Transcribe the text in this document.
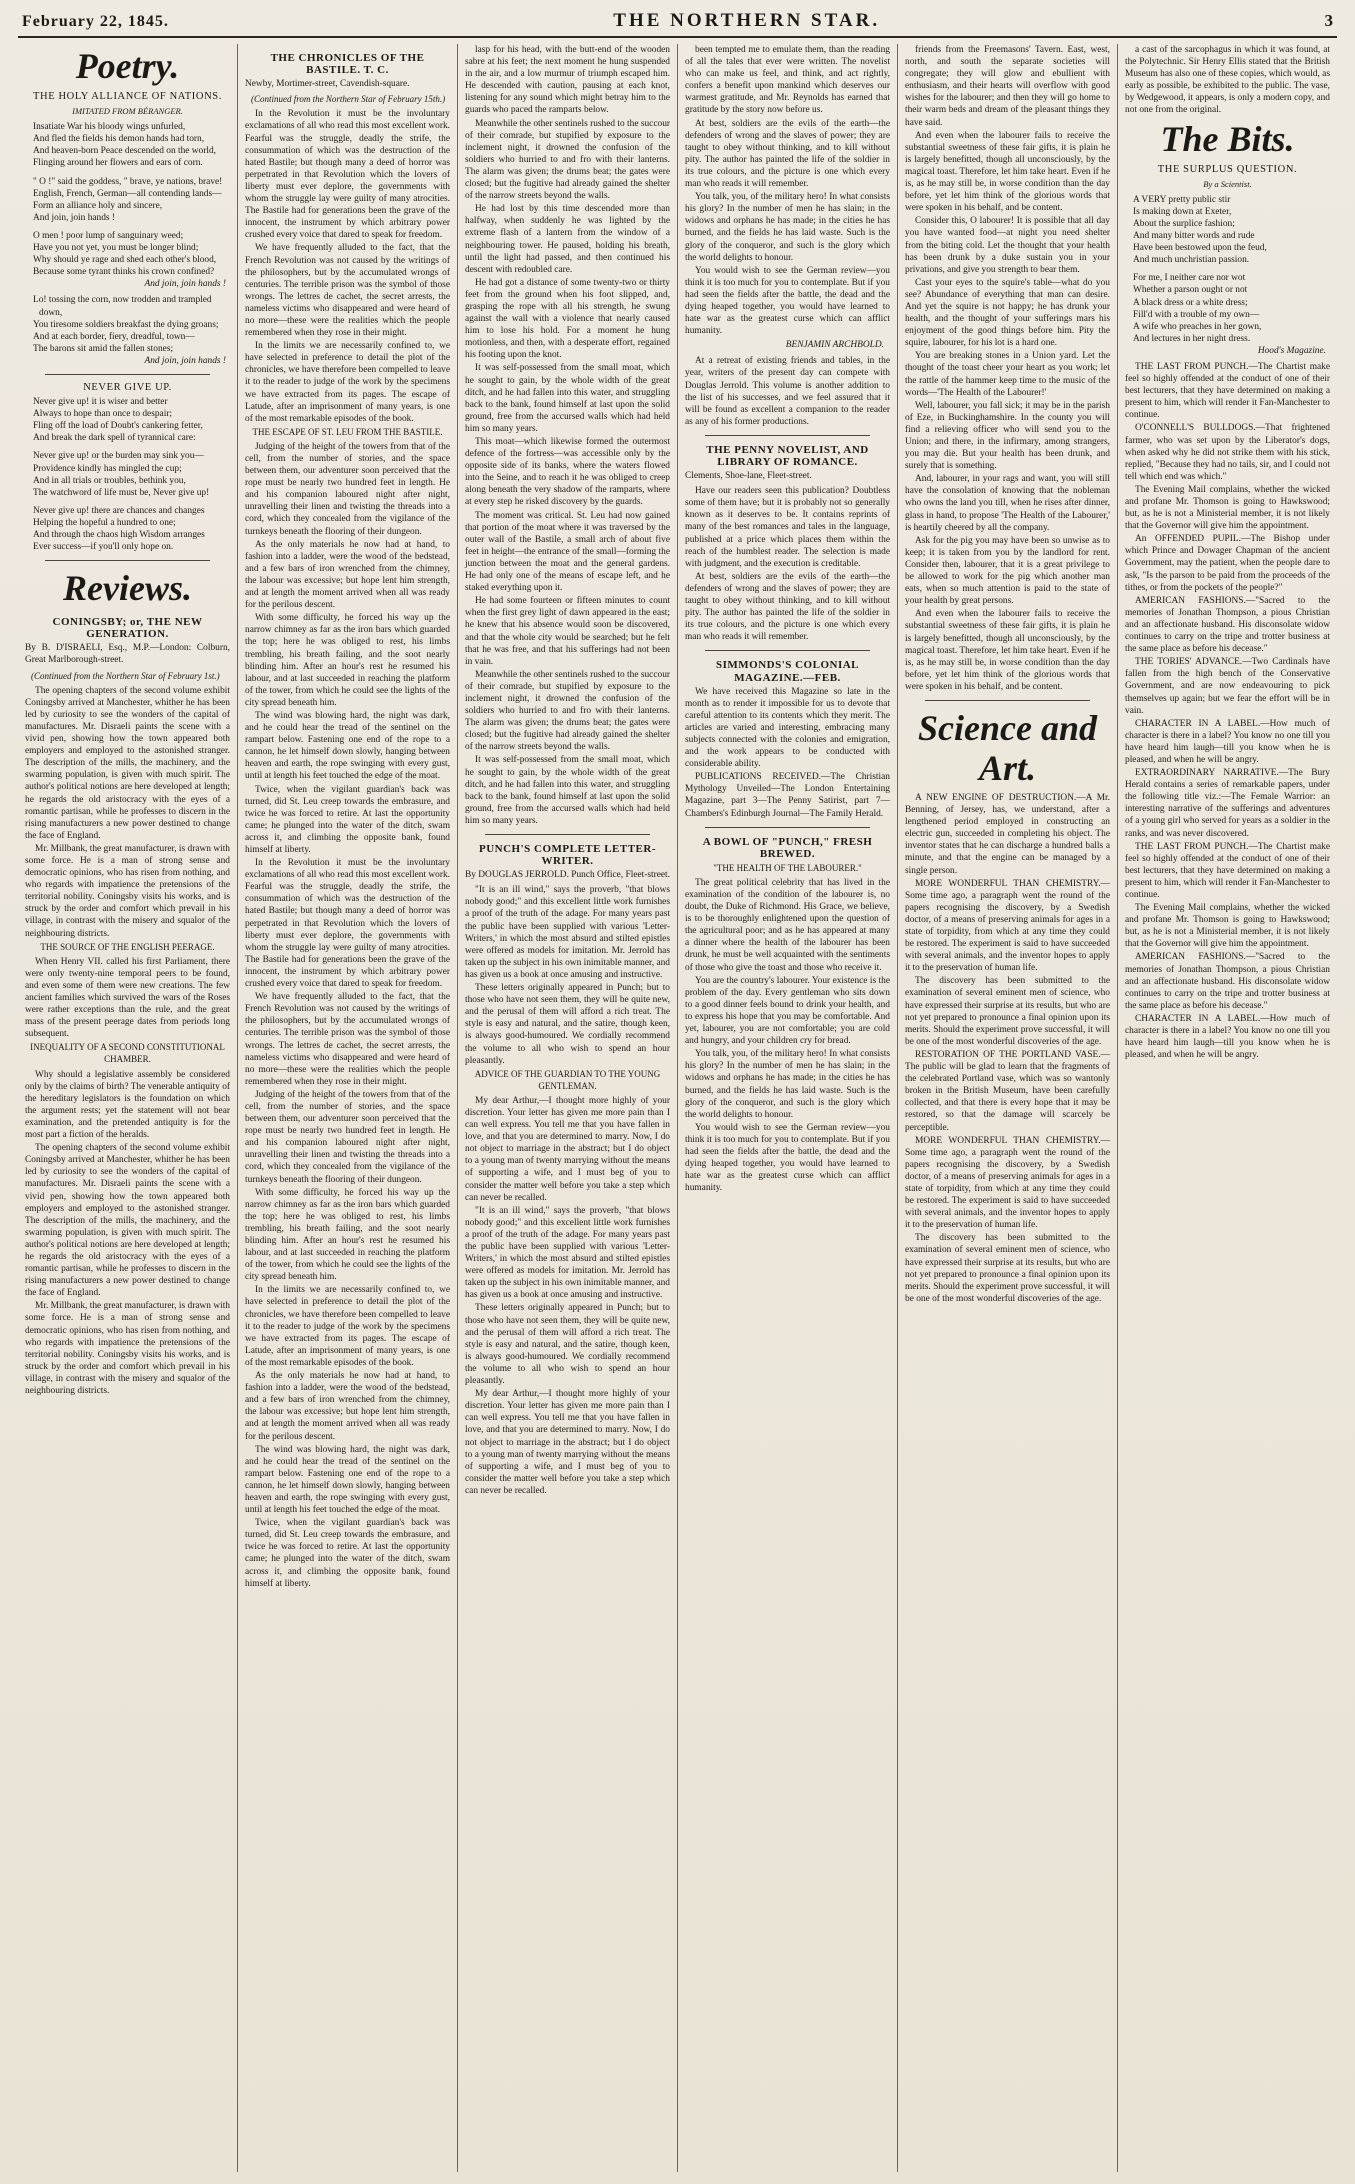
February 22, 1845.	THE NORTHERN STAR.	3
Poetry.
THE HOLY ALLIANCE OF NATIONS.
IMITATED FROM BÉRANGER.

Insatiate War his bloody wings unfurled,

And fled the fields his demon hands had torn,

And heaven-born Peace descended on the world,

Flinging around her flowers and ears of corn.

" O !" said the goddess, " brave, ye nations, brave!

English, French, German—all contending lands—

Form an alliance holy and sincere,

And join, join hands !

O men ! poor lump of sanguinary weed;

Have you not yet, you must be longer blind;

Why should ye rage and shed each other's blood,

Because some tyrant thinks his crown confined?

And join, join hands !

Lo! tossing the corn, now trodden and trampled down,

You tiresome soldiers breakfast the dying groans;

And at each border, fiery, dreadful, town—

The barons sit amid the fallen stones;

And join, join hands !

NEVER GIVE UP.

Never give up! it is wiser and better

Always to hope than once to despair;

Fling off the load of Doubt's cankering fetter,

And break the dark spell of tyrannical care:

Never give up! or the burden may sink you—

Providence kindly has mingled the cup;

And in all trials or troubles, bethink you,

The watchword of life must be, Never give up!

Never give up! there are chances and changes

Helping the hopeful a hundred to one;

And through the chaos high Wisdom arranges

Ever success—if you'll only hope on.

Reviews.
CONINGSBY; or, THE NEW GENERATION.

By B. D'ISRAELI, Esq., M.P.—London: Colburn, Great Marlborough-street.

(Continued from the Northern Star of February 1st.)

The opening chapters of the second volume exhibit Coningsby arrived at Manchester, whither he has been led by curiosity to see the wonders of the capital of manufactures. Mr. Disraeli paints the scene with a vivid pen, showing how the town appeared both employers and employed to the astonished stranger. The description of the mills, the machinery, and the swarming population, is given with much spirit. The author's political notions are here developed at length; he regards the old aristocracy with the eyes of a romantic partisan, while he professes to discern in the rising manufacturers a new power destined to change the face of England.

Mr. Millbank, the great manufacturer, is drawn with some force. He is a man of strong sense and democratic opinions, who has risen from nothing, and who regards with impatience the pretensions of the territorial nobility. Coningsby visits his works, and is struck by the order and comfort which prevail in his village, in contrast with the misery and squalor of the neighbouring districts.

THE SOURCE OF THE ENGLISH PEERAGE.

When Henry VII. called his first Parliament, there were only twenty-nine temporal peers to be found, and even some of them were new creations. The few ancient families which survived the wars of the Roses were rather exceptions than the rule, and the great mass of the present peerage dates from periods long subsequent.

INEQUALITY OF A SECOND CONSTITUTIONAL CHAMBER.

Why should a legislative assembly be considered only by the claims of birth? The venerable antiquity of the hereditary legislators is the foundation on which the argument rests; yet the statement will not bear examination, and the pretended antiquity is for the most part a fiction of the heralds.

The opening chapters of the second volume exhibit Coningsby arrived at Manchester, whither he has been led by curiosity to see the wonders of the capital of manufactures. Mr. Disraeli paints the scene with a vivid pen, showing how the town appeared both employers and employed to the astonished stranger. The description of the mills, the machinery, and the swarming population, is given with much spirit. The author's political notions are here developed at length; he regards the old aristocracy with the eyes of a romantic partisan, while he professes to discern in the rising manufacturers a new power destined to change the face of England.

Mr. Millbank, the great manufacturer, is drawn with some force. He is a man of strong sense and democratic opinions, who has risen from nothing, and who regards with impatience the pretensions of the territorial nobility. Coningsby visits his works, and is struck by the order and comfort which prevail in his village, in contrast with the misery and squalor of the neighbouring districts.

THE CHRONICLES OF THE BASTILE. T. C.

Newby, Mortimer-street, Cavendish-square.

(Continued from the Northern Star of February 15th.)

In the Revolution it must be the involuntary exclamations of all who read this most excellent work. Fearful was the struggle, deadly the strife, the consummation of which was the destruction of the hated Bastile; but though many a deed of horror was perpetrated in that Revolution which the lovers of liberty must ever deplore, the governments with whom the struggle lay were guilty of many atrocities. The Bastile had for generations been the grave of the innocent, the instrument by which arbitrary power crushed every voice that dared to speak for freedom.

We have frequently alluded to the fact, that the French Revolution was not caused by the writings of the philosophers, but by the accumulated wrongs of centuries. The terrible prison was the symbol of those wrongs. The lettres de cachet, the secret arrests, the nameless victims who disappeared and were heard of no more—these were the realities which the people remembered when they rose in their might.

In the limits we are necessarily confined to, we have selected in preference to detail the plot of the chronicles, we have therefore been compelled to leave it to the reader to judge of the work by the specimens we have extracted from its pages. The escape of Latude, after an imprisonment of many years, is one of the most remarkable episodes of the book.

THE ESCAPE OF ST. LEU FROM THE BASTILE.

Judging of the height of the towers from that of the cell, from the number of stories, and the space between them, our adventurer soon perceived that the rope must be nearly two hundred feet in length. He and his companion laboured night after night, unravelling their linen and twisting the threads into a cord, which they concealed from the vigilance of the turnkeys beneath the flooring of their dungeon.

As the only materials he now had at hand, to fashion into a ladder, were the wood of the bedstead, and a few bars of iron wrenched from the chimney, the labour was excessive; but hope lent him strength, and at length the moment arrived when all was ready for the perilous descent.

With some difficulty, he forced his way up the narrow chimney as far as the iron bars which guarded the top; here he was obliged to rest, his limbs trembling, his breath failing, and the soot nearly blinding him. After an hour's rest he resumed his labour, and at last succeeded in reaching the platform of the tower, from which he could see the lights of the city spread beneath him.

The wind was blowing hard, the night was dark, and he could hear the tread of the sentinel on the rampart below. Fastening one end of the rope to a cannon, he let himself down slowly, hanging between heaven and earth, the rope swinging with every gust, until at length his feet touched the edge of the moat.

Twice, when the vigilant guardian's back was turned, did St. Leu creep towards the embrasure, and twice he was forced to retire. At last the opportunity came; he plunged into the water of the ditch, swam across it, and climbing the opposite bank, found himself at liberty.

In the Revolution it must be the involuntary exclamations of all who read this most excellent work. Fearful was the struggle, deadly the strife, the consummation of which was the destruction of the hated Bastile; but though many a deed of horror was perpetrated in that Revolution which the lovers of liberty must ever deplore, the governments with whom the struggle lay were guilty of many atrocities. The Bastile had for generations been the grave of the innocent, the instrument by which arbitrary power crushed every voice that dared to speak for freedom.

We have frequently alluded to the fact, that the French Revolution was not caused by the writings of the philosophers, but by the accumulated wrongs of centuries. The terrible prison was the symbol of those wrongs. The lettres de cachet, the secret arrests, the nameless victims who disappeared and were heard of no more—these were the realities which the people remembered when they rose in their might.

Judging of the height of the towers from that of the cell, from the number of stories, and the space between them, our adventurer soon perceived that the rope must be nearly two hundred feet in length. He and his companion laboured night after night, unravelling their linen and twisting the threads into a cord, which they concealed from the vigilance of the turnkeys beneath the flooring of their dungeon.

With some difficulty, he forced his way up the narrow chimney as far as the iron bars which guarded the top; here he was obliged to rest, his limbs trembling, his breath failing, and the soot nearly blinding him. After an hour's rest he resumed his labour, and at last succeeded in reaching the platform of the tower, from which he could see the lights of the city spread beneath him.

In the limits we are necessarily confined to, we have selected in preference to detail the plot of the chronicles, we have therefore been compelled to leave it to the reader to judge of the work by the specimens we have extracted from its pages. The escape of Latude, after an imprisonment of many years, is one of the most remarkable episodes of the book.

As the only materials he now had at hand, to fashion into a ladder, were the wood of the bedstead, and a few bars of iron wrenched from the chimney, the labour was excessive; but hope lent him strength, and at length the moment arrived when all was ready for the perilous descent.

The wind was blowing hard, the night was dark, and he could hear the tread of the sentinel on the rampart below. Fastening one end of the rope to a cannon, he let himself down slowly, hanging between heaven and earth, the rope swinging with every gust, until at length his feet touched the edge of the moat.

Twice, when the vigilant guardian's back was turned, did St. Leu creep towards the embrasure, and twice he was forced to retire. At last the opportunity came; he plunged into the water of the ditch, swam across it, and climbing the opposite bank, found himself at liberty.

lasp for his head, with the butt-end of the wooden sabre at his feet; the next moment he hung suspended in the air, and a low murmur of triumph escaped him. He descended with caution, pausing at each knot, listening for any sound which might betray him to the guards who paced the ramparts below.

Meanwhile the other sentinels rushed to the succour of their comrade, but stupified by exposure to the inclement night, it drowned the confusion of the soldiers who hurried to and fro with their lanterns. The alarm was given; the drums beat; the gates were closed; but the fugitive had already gained the shelter of the narrow streets beyond the walls.

He had lost by this time descended more than halfway, when suddenly he was lighted by the extreme flash of a lantern from the window of a neighbouring tower. He paused, holding his breath, until the light had passed, and then continued his descent with redoubled care.

He had got a distance of some twenty-two or thirty feet from the ground when his foot slipped, and, grasping the rope with all his strength, he swung against the wall with a violence that nearly caused him to lose his hold. For a moment he hung motionless, and then, with a desperate effort, regained his footing upon the knot.

It was self-possessed from the small moat, which he sought to gain, by the whole width of the great ditch, and he had fallen into this water, and struggling back to the bank, found himself at last upon the solid ground, free from the accursed walls which had held him so many years.

This moat—which likewise formed the outermost defence of the fortress—was accessible only by the opposite side of its banks, where the waters flowed into the Seine, and to reach it he was obliged to creep along beneath the very shadow of the ramparts, where at every step he risked discovery by the guards.

The moment was critical. St. Leu had now gained that portion of the moat where it was traversed by the outer wall of the Bastile, a small arch of about five feet in height—the entrance of the small—forming the junction between the moat and the general gardens. He had only one of the means of escape left, and he staked everything upon it.

He had some fourteen or fifteen minutes to count when the first grey light of dawn appeared in the east; he knew that his absence would soon be discovered, and that the whole city would be searched; but he felt that he was free, and that his sufferings had not been in vain.

Meanwhile the other sentinels rushed to the succour of their comrade, but stupified by exposure to the inclement night, it drowned the confusion of the soldiers who hurried to and fro with their lanterns. The alarm was given; the drums beat; the gates were closed; but the fugitive had already gained the shelter of the narrow streets beyond the walls.

It was self-possessed from the small moat, which he sought to gain, by the whole width of the great ditch, and he had fallen into this water, and struggling back to the bank, found himself at last upon the solid ground, free from the accursed walls which had held him so many years.

PUNCH'S COMPLETE LETTER-WRITER.

By DOUGLAS JERROLD. Punch Office, Fleet-street.

"It is an ill wind," says the proverb, "that blows nobody good;" and this excellent little work furnishes a proof of the truth of the adage. For many years past the public have been supplied with various 'Letter-Writers,' in which the most absurd and stilted epistles were offered as models for imitation. Mr. Jerrold has taken up the subject in his own inimitable manner, and has given us a book at once amusing and instructive.

These letters originally appeared in Punch; but to those who have not seen them, they will be quite new, and the perusal of them will afford a rich treat. The style is easy and natural, and the satire, though keen, is always good-humoured. We cordially recommend the volume to all who wish to spend an hour pleasantly.

ADVICE OF THE GUARDIAN TO THE YOUNG GENTLEMAN.

My dear Arthur,—I thought more highly of your discretion. Your letter has given me more pain than I can well express. You tell me that you have fallen in love, and that you are determined to marry. Now, I do not object to marriage in the abstract; but I do object to a young man of twenty marrying without the means of supporting a wife, and I must beg of you to consider the matter well before you take a step which can never be recalled.

"It is an ill wind," says the proverb, "that blows nobody good;" and this excellent little work furnishes a proof of the truth of the adage. For many years past the public have been supplied with various 'Letter-Writers,' in which the most absurd and stilted epistles were offered as models for imitation. Mr. Jerrold has taken up the subject in his own inimitable manner, and has given us a book at once amusing and instructive.

These letters originally appeared in Punch; but to those who have not seen them, they will be quite new, and the perusal of them will afford a rich treat. The style is easy and natural, and the satire, though keen, is always good-humoured. We cordially recommend the volume to all who wish to spend an hour pleasantly.

My dear Arthur,—I thought more highly of your discretion. Your letter has given me more pain than I can well express. You tell me that you have fallen in love, and that you are determined to marry. Now, I do not object to marriage in the abstract; but I do object to a young man of twenty marrying without the means of supporting a wife, and I must beg of you to consider the matter well before you take a step which can never be recalled.

been tempted me to emulate them, than the reading of all the tales that ever were written. The novelist who can make us feel, and think, and act rightly, confers a benefit upon mankind which deserves our warmest gratitude, and Mr. Reynolds has earned that gratitude by the story now before us.

At best, soldiers are the evils of the earth—the defenders of wrong and the slaves of power; they are taught to obey without thinking, and to kill without pity. The author has painted the life of the soldier in its true colours, and the picture is one which every man who reads it will remember.

You talk, you, of the military hero! In what consists his glory? In the number of men he has slain; in the widows and orphans he has made; in the cities he has burned, and the fields he has laid waste. Such is the glory of the conqueror, and such is the glory which the world delights to honour.

You would wish to see the German review—you think it is too much for you to contemplate. But if you had seen the fields after the battle, the dead and the dying heaped together, you would have learned to hate war as the greatest curse which can afflict humanity.

BENJAMIN ARCHBOLD.

At a retreat of existing friends and tables, in the year, writers of the present day can compete with Douglas Jerrold. This volume is another addition to the list of his successes, and we feel assured that it will be found as excellent a companion to the reader as any of his former productions.

THE PENNY NOVELIST, AND LIBRARY OF ROMANCE.

Clements, Shoe-lane, Fleet-street.

Have our readers seen this publication? Doubtless some of them have; but it is probably not so generally known as it deserves to be. It contains reprints of many of the best romances and tales in the language, published at a price which places them within the reach of the humblest reader. The selection is made with judgment, and the execution is creditable.

At best, soldiers are the evils of the earth—the defenders of wrong and the slaves of power; they are taught to obey without thinking, and to kill without pity. The author has painted the life of the soldier in its true colours, and the picture is one which every man who reads it will remember.

SIMMONDS'S COLONIAL MAGAZINE.—FEB.

We have received this Magazine so late in the month as to render it impossible for us to devote that careful attention to its contents which they merit. The articles are varied and interesting, embracing many subjects connected with the colonies and emigration, and the work appears to be conducted with considerable ability.

PUBLICATIONS RECEIVED.—The Christian Mythology Unveiled—The London Entertaining Magazine, part 3—The Penny Satirist, part 7—Chambers's Edinburgh Journal—The Family Herald.

A BOWL OF "PUNCH," FRESH BREWED.
"THE HEALTH OF THE LABOURER."

The great political celebrity that has lived in the examination of the condition of the labourer is, no doubt, the Duke of Richmond. His Grace, we believe, is to be thoroughly enlightened upon the question of the agricultural poor; and as he has appeared at many a dinner where the health of the labourer has been drunk, he must be well acquainted with the sentiments of those who give the toast and those who receive it.

You are the country's labourer. Your existence is the problem of the day. Every gentleman who sits down to a good dinner feels bound to drink your health, and to express his hope that you may be comfortable. And yet, labourer, you are not comfortable; you are cold and hungry, and your children cry for bread.

You talk, you, of the military hero! In what consists his glory? In the number of men he has slain; in the widows and orphans he has made; in the cities he has burned, and the fields he has laid waste. Such is the glory of the conqueror, and such is the glory which the world delights to honour.

You would wish to see the German review—you think it is too much for you to contemplate. But if you had seen the fields after the battle, the dead and the dying heaped together, you would have learned to hate war as the greatest curse which can afflict humanity.

friends from the Freemasons' Tavern. East, west, north, and south the separate societies will congregate; they will glow and ebullient with enthusiasm, and their hearts will overflow with good wishes for the labourer; and then they will go home to their warm beds and dream of the pleasant things they have said.

And even when the labourer fails to receive the substantial sweetness of these fair gifts, it is plain he is largely benefitted, though all unconsciously, by the magical toast. Therefore, let him take heart. Even if he is, as he may still be, in worse condition than the day before, yet let him think of the glorious words that were spoken in his behalf, and be content.

Consider this, O labourer! It is possible that all day you have wanted food—at night you need shelter from the biting cold. Let the thought that your health has been drunk by a duke sustain you in your privations, and give you strength to bear them.

Cast your eyes to the squire's table—what do you see? Abundance of everything that man can desire. And yet the squire is not happy; he has drunk your health, and the thought of your sufferings mars his enjoyment of the good things before him. Pity the squire, labourer, for his lot is a hard one.

You are breaking stones in a Union yard. Let the thought of the toast cheer your heart as you work; let the rattle of the hammer keep time to the music of the words—'The Health of the Labourer!'

Well, labourer, you fall sick; it may be in the parish of Eze, in Buckinghamshire. In the county you will find a relieving officer who will send you to the Union; and there, in the infirmary, among strangers, you may die. But your health has been drunk, and surely that is something.

And, labourer, in your rags and want, you will still have the consolation of knowing that the nobleman who owns the land you till, when he rises after dinner, glass in hand, to propose 'The Health of the Labourer,' is heartily cheered by all the company.

Ask for the pig you may have been so unwise as to keep; it is taken from you by the landlord for rent. Consider then, labourer, that it is a great privilege to be allowed to work for the pig which another man eats, when so much attention is paid to the state of your health by great persons.

And even when the labourer fails to receive the substantial sweetness of these fair gifts, it is plain he is largely benefitted, though all unconsciously, by the magical toast. Therefore, let him take heart. Even if he is, as he may still be, in worse condition than the day before, yet let him think of the glorious words that were spoken in his behalf, and be content.

Science and Art.

A NEW ENGINE OF DESTRUCTION.—A Mr. Benning, of Jersey, has, we understand, after a lengthened period employed in constructing an electric gun, succeeded in completing his object. The inventor states that he can discharge a hundred balls a minute, and that the engine can be managed by a single person.

MORE WONDERFUL THAN CHEMISTRY.—Some time ago, a paragraph went the round of the papers recognising the discovery, by a Swedish doctor, of a means of preserving animals for ages in a state of torpidity, from which at any time they could be restored. The experiment is said to have succeeded with several animals, and the inventor hopes to apply it to the preservation of human life.

The discovery has been submitted to the examination of several eminent men of science, who have expressed their surprise at its results, but who are not yet prepared to pronounce a final opinion upon its merits. Should the experiment prove successful, it will be one of the most wonderful discoveries of the age.

RESTORATION OF THE PORTLAND VASE.—The public will be glad to learn that the fragments of the celebrated Portland vase, which was so wantonly broken in the British Museum, have been carefully collected, and that there is every hope that it may be restored, so that the damage will scarcely be perceptible.

MORE WONDERFUL THAN CHEMISTRY.—Some time ago, a paragraph went the round of the papers recognising the discovery, by a Swedish doctor, of a means of preserving animals for ages in a state of torpidity, from which at any time they could be restored. The experiment is said to have succeeded with several animals, and the inventor hopes to apply it to the preservation of human life.

The discovery has been submitted to the examination of several eminent men of science, who have expressed their surprise at its results, but who are not yet prepared to pronounce a final opinion upon its merits. Should the experiment prove successful, it will be one of the most wonderful discoveries of the age.

a cast of the sarcophagus in which it was found, at the Polytechnic. Sir Henry Ellis stated that the British Museum has also one of these copies, which would, as early as possible, be exhibited to the public. The vase, by Wedgewood, it appears, is only a modern copy, and not one from the original.

The Bits.
THE SURPLUS QUESTION.
By a Scientist.

A VERY pretty public stir

Is making down at Exeter,

About the surplice fashion;

And many bitter words and rude

Have been bestowed upon the feud,

And much unchristian passion.

For me, I neither care nor wot

Whether a parson ought or not

A black dress or a white dress;

Fill'd with a trouble of my own—

A wife who preaches in her gown,

And lectures in her night dress.

Hood's Magazine.

THE LAST FROM PUNCH.—The Chartist make feel so highly offended at the conduct of one of their best lecturers, that they have determined on making a present to him, which will render it Fan-Manchester to continue.

O'CONNELL'S BULLDOGS.—That frightened farmer, who was set upon by the Liberator's dogs, when asked why he did not strike them with his stick, replied, "Because they had no tails, sir, and I could not tell which end was which."

The Evening Mail complains, whether the wicked and profane Mr. Thomson is going to Hawkswood; but, as he is not a Ministerial member, it is not likely that the Governor will give him the appointment.

An OFFENDED PUPIL.—The Bishop under which Prince and Dowager Chapman of the ancient Government, may the patient, when the people dare to ask, "Is the parson to be paid from the proceeds of the tithes, or from the pockets of the people?"

AMERICAN FASHIONS.—"Sacred to the memories of Jonathan Thompson, a pious Christian and an affectionate husband. His disconsolate widow continues to carry on the tripe and trotter business at the same place as before his decease."

THE TORIES' ADVANCE.—Two Cardinals have fallen from the high bench of the Conservative Government, and are now endeavouring to pick themselves up again; but we fear the effort will be in vain.

CHARACTER IN A LABEL.—How much of character is there in a label? You know no one till you have heard him laugh—till you know when he is pleased, and when he will be angry.

EXTRAORDINARY NARRATIVE.—The Bury Herald contains a series of remarkable papers, under the following title viz.:—The Female Warrior: an interesting narrative of the sufferings and adventures of a young girl who served for years as a soldier in the ranks, and was never discovered.

THE LAST FROM PUNCH.—The Chartist make feel so highly offended at the conduct of one of their best lecturers, that they have determined on making a present to him, which will render it Fan-Manchester to continue.

The Evening Mail complains, whether the wicked and profane Mr. Thomson is going to Hawkswood; but, as he is not a Ministerial member, it is not likely that the Governor will give him the appointment.

AMERICAN FASHIONS.—"Sacred to the memories of Jonathan Thompson, a pious Christian and an affectionate husband. His disconsolate widow continues to carry on the tripe and trotter business at the same place as before his decease."

CHARACTER IN A LABEL.—How much of character is there in a label? You know no one till you have heard him laugh—till you know when he is pleased, and when he will be angry.
